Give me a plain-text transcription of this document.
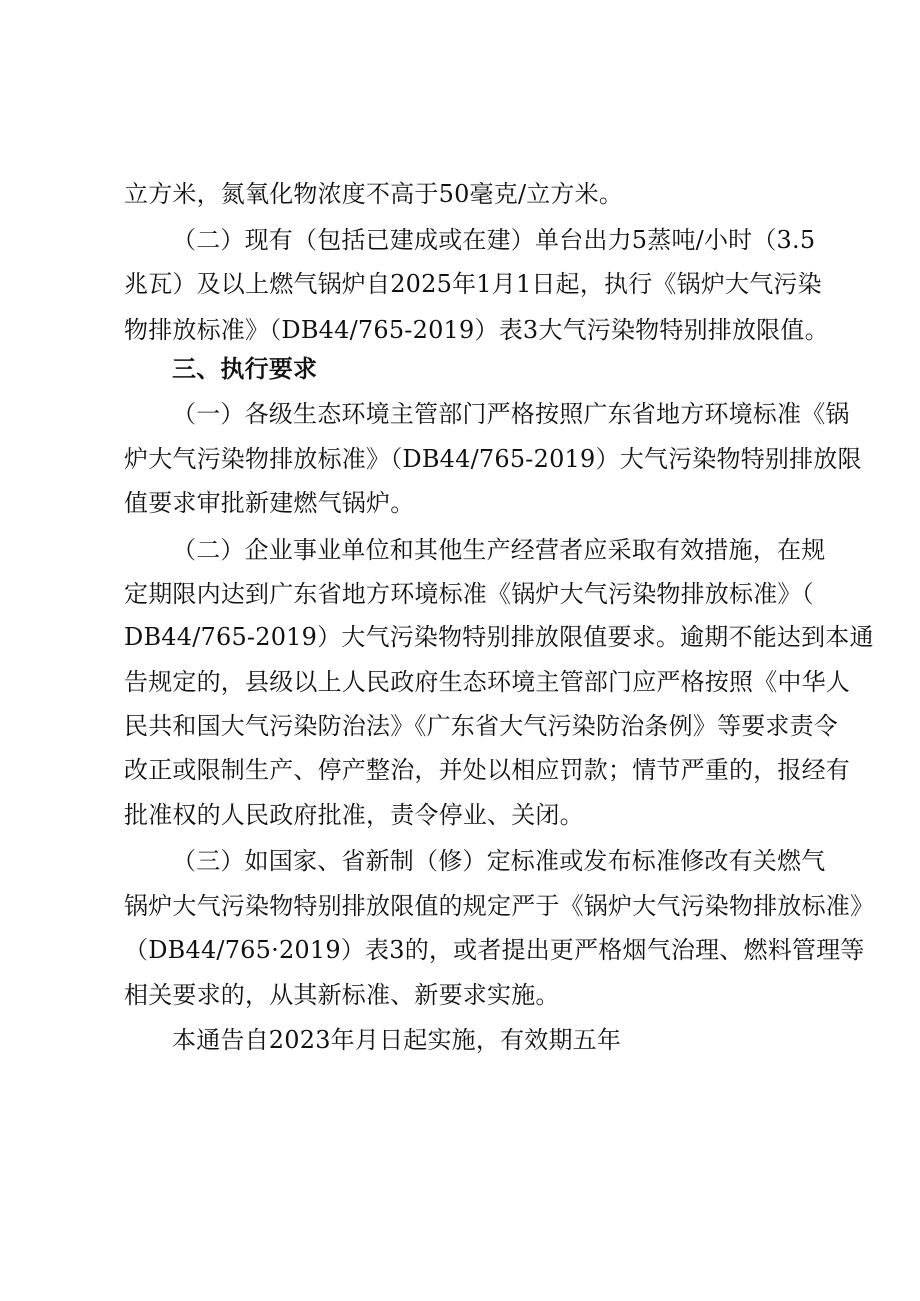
立方米，氮氧化物浓度不高于50毫克/立方米。
（二）现有（包括已建成或在建）单台出力5蒸吨/小时（3.5
兆瓦）及以上燃气锅炉自2025年1月1日起，执行《锅炉大气污染
物排放标准》（DB44/765-2019）表3大气污染物特别排放限值。
三、执行要求
（一）各级生态环境主管部门严格按照广东省地方环境标准《锅
炉大气污染物排放标准》（DB44/765-2019）大气污染物特别排放限
值要求审批新建燃气锅炉。
（二）企业事业单位和其他生产经营者应采取有效措施，在规
定期限内达到广东省地方环境标准《锅炉大气污染物排放标准》（
DB44/765-2019）大气污染物特别排放限值要求。逾期不能达到本通
告规定的，县级以上人民政府生态环境主管部门应严格按照《中华人
民共和国大气污染防治法》《广东省大气污染防治条例》等要求责令
改正或限制生产、停产整治，并处以相应罚款；情节严重的，报经有
批准权的人民政府批准，责令停业、关闭。
（三）如国家、省新制（修）定标准或发布标准修改有关燃气
锅炉大气污染物特别排放限值的规定严于《锅炉大气污染物排放标准》
（DB44/765·2019）表3的，或者提出更严格烟气治理、燃料管理等
相关要求的，从其新标准、新要求实施。
本通告自2023年月日起实施，有效期五年
